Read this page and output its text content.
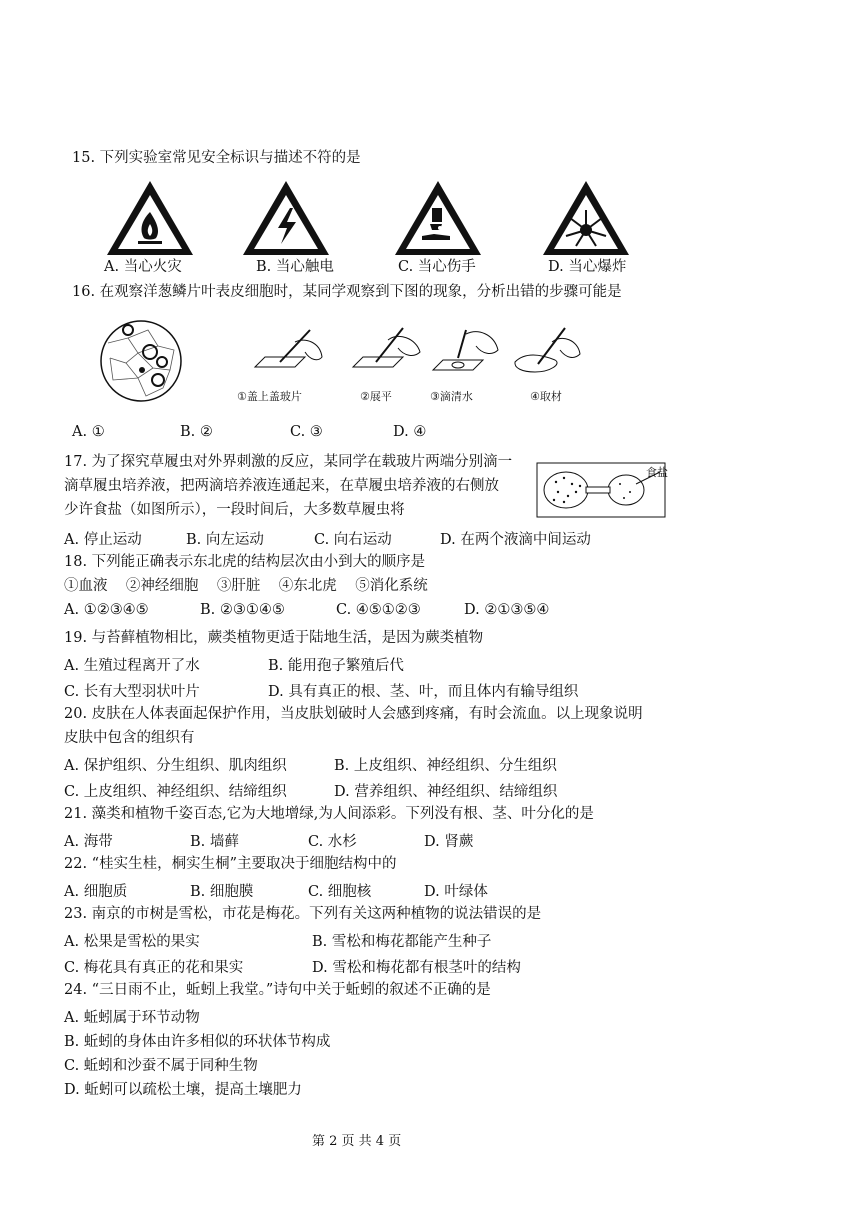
15. 下列实验室常见安全标识与描述不符的是
A. 当心火灾	B. 当心触电	C. 当心伤手	D. 当心爆炸
16. 在观察洋葱鳞片叶表皮细胞时，某同学观察到下图的现象，分析出错的步骤可能是
①盖上盖玻片	②展平	③滴清水	④取材
A. ①	B. ②	C. ③	D. ④
17. 为了探究草履虫对外界刺激的反应，某同学在载玻片两端分别滴一
滴草履虫培养液，把两滴培养液连通起来，在草履虫培养液的右侧放
少许食盐（如图所示），一段时间后，大多数草履虫将
食盐
A. 停止运动	B. 向左运动	C. 向右运动	D. 在两个液滴中间运动
18. 下列能正确表示东北虎的结构层次由小到大的顺序是
①血液    ②神经细胞    ③肝脏    ④东北虎    ⑤消化系统
A. ①②③④⑤	B. ②③①④⑤	C. ④⑤①②③	D. ②①③⑤④
19. 与苔藓植物相比，蕨类植物更适于陆地生活，是因为蕨类植物
A. 生殖过程离开了水	B. 能用孢子繁殖后代
C. 长有大型羽状叶片	D. 具有真正的根、茎、叶，而且体内有输导组织
20. 皮肤在人体表面起保护作用，当皮肤划破时人会感到疼痛，有时会流血。以上现象说明
皮肤中包含的组织有
A. 保护组织、分生组织、肌肉组织	B. 上皮组织、神经组织、分生组织
C. 上皮组织、神经组织、结缔组织	D. 营养组织、神经组织、结缔组织
21. 藻类和植物千姿百态,它为大地增绿,为人间添彩。下列没有根、茎、叶分化的是
A. 海带	B. 墙藓	C. 水杉	D. 肾蕨
22. “桂实生桂，桐实生桐”主要取决于细胞结构中的
A. 细胞质	B. 细胞膜	C. 细胞核	D. 叶绿体
23. 南京的市树是雪松，市花是梅花。下列有关这两种植物的说法错误的是
A. 松果是雪松的果实	B. 雪松和梅花都能产生种子
C. 梅花具有真正的花和果实	D. 雪松和梅花都有根茎叶的结构
24. “三日雨不止，蚯蚓上我堂。”诗句中关于蚯蚓的叙述不正确的是
A. 蚯蚓属于环节动物
B. 蚯蚓的身体由许多相似的环状体节构成
C. 蚯蚓和沙蚕不属于同种生物
D. 蚯蚓可以疏松土壤，提高土壤肥力
第 2 页 共 4 页
